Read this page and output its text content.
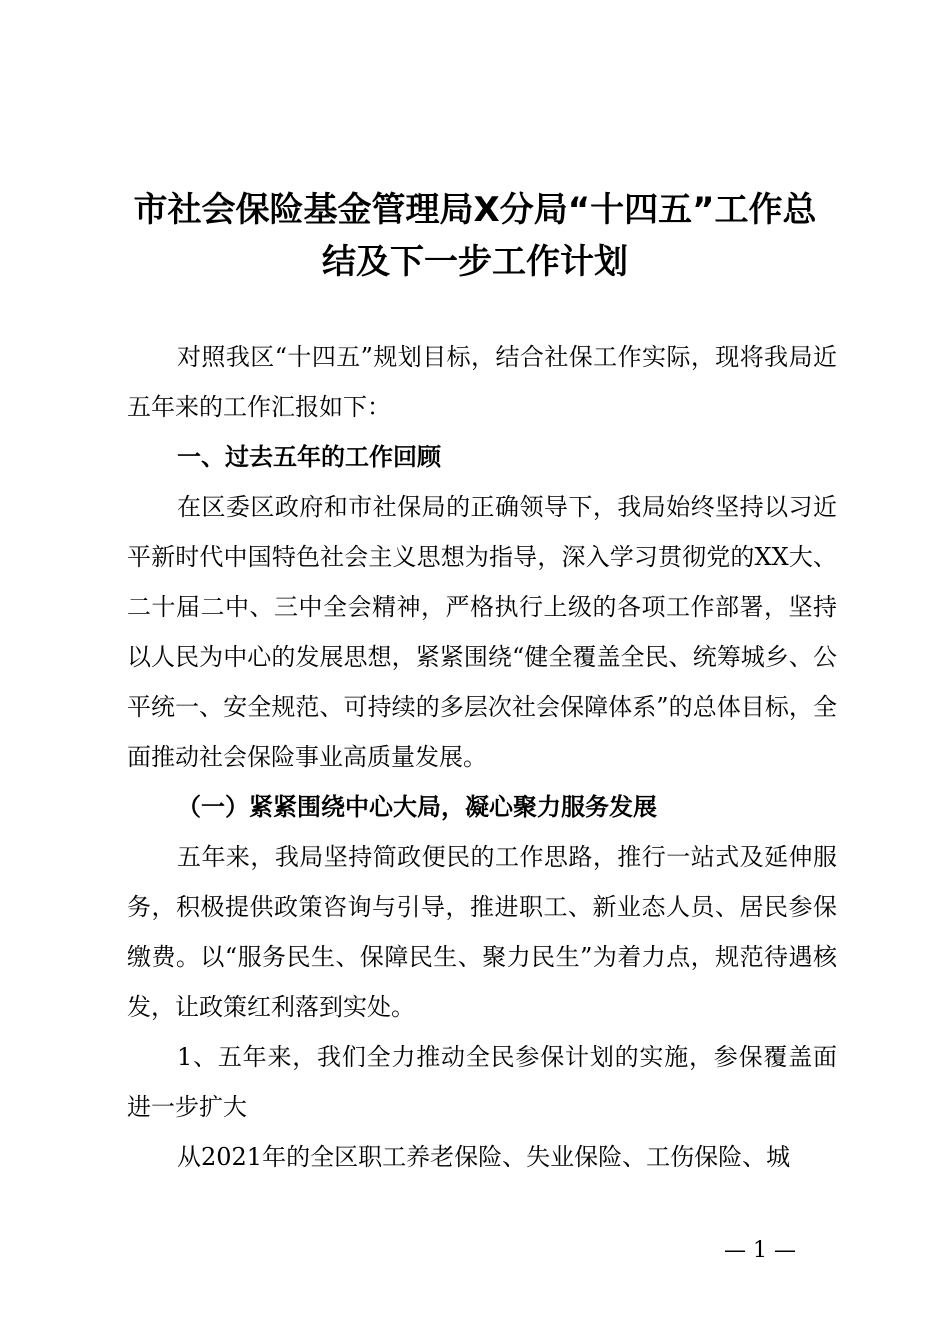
市社会保险基金管理局X分局“十四五”工作总
结及下一步工作计划

对照我区“十四五”规划目标，结合社保工作实际，现将我局近五年来的工作汇报如下：

一、过去五年的工作回顾

在区委区政府和市社保局的正确领导下，我局始终坚持以习近平新时代中国特色社会主义思想为指导，深入学习贯彻党的XX大、二十届二中、三中全会精神，严格执行上级的各项工作部署，坚持以人民为中心的发展思想，紧紧围绕“健全覆盖全民、统筹城乡、公平统一、安全规范、可持续的多层次社会保障体系”的总体目标，全面推动社会保险事业高质量发展。

（一）紧紧围绕中心大局，凝心聚力服务发展

五年来，我局坚持简政便民的工作思路，推行一站式及延伸服务，积极提供政策咨询与引导，推进职工、新业态人员、居民参保缴费。以“服务民生、保障民生、聚力民生”为着力点，规范待遇核发，让政策红利落到实处。

1、五年来，我们全力推动全民参保计划的实施，参保覆盖面进一步扩大

从2021年的全区职工养老保险、失业保险、工伤保险、城

— 1 —
